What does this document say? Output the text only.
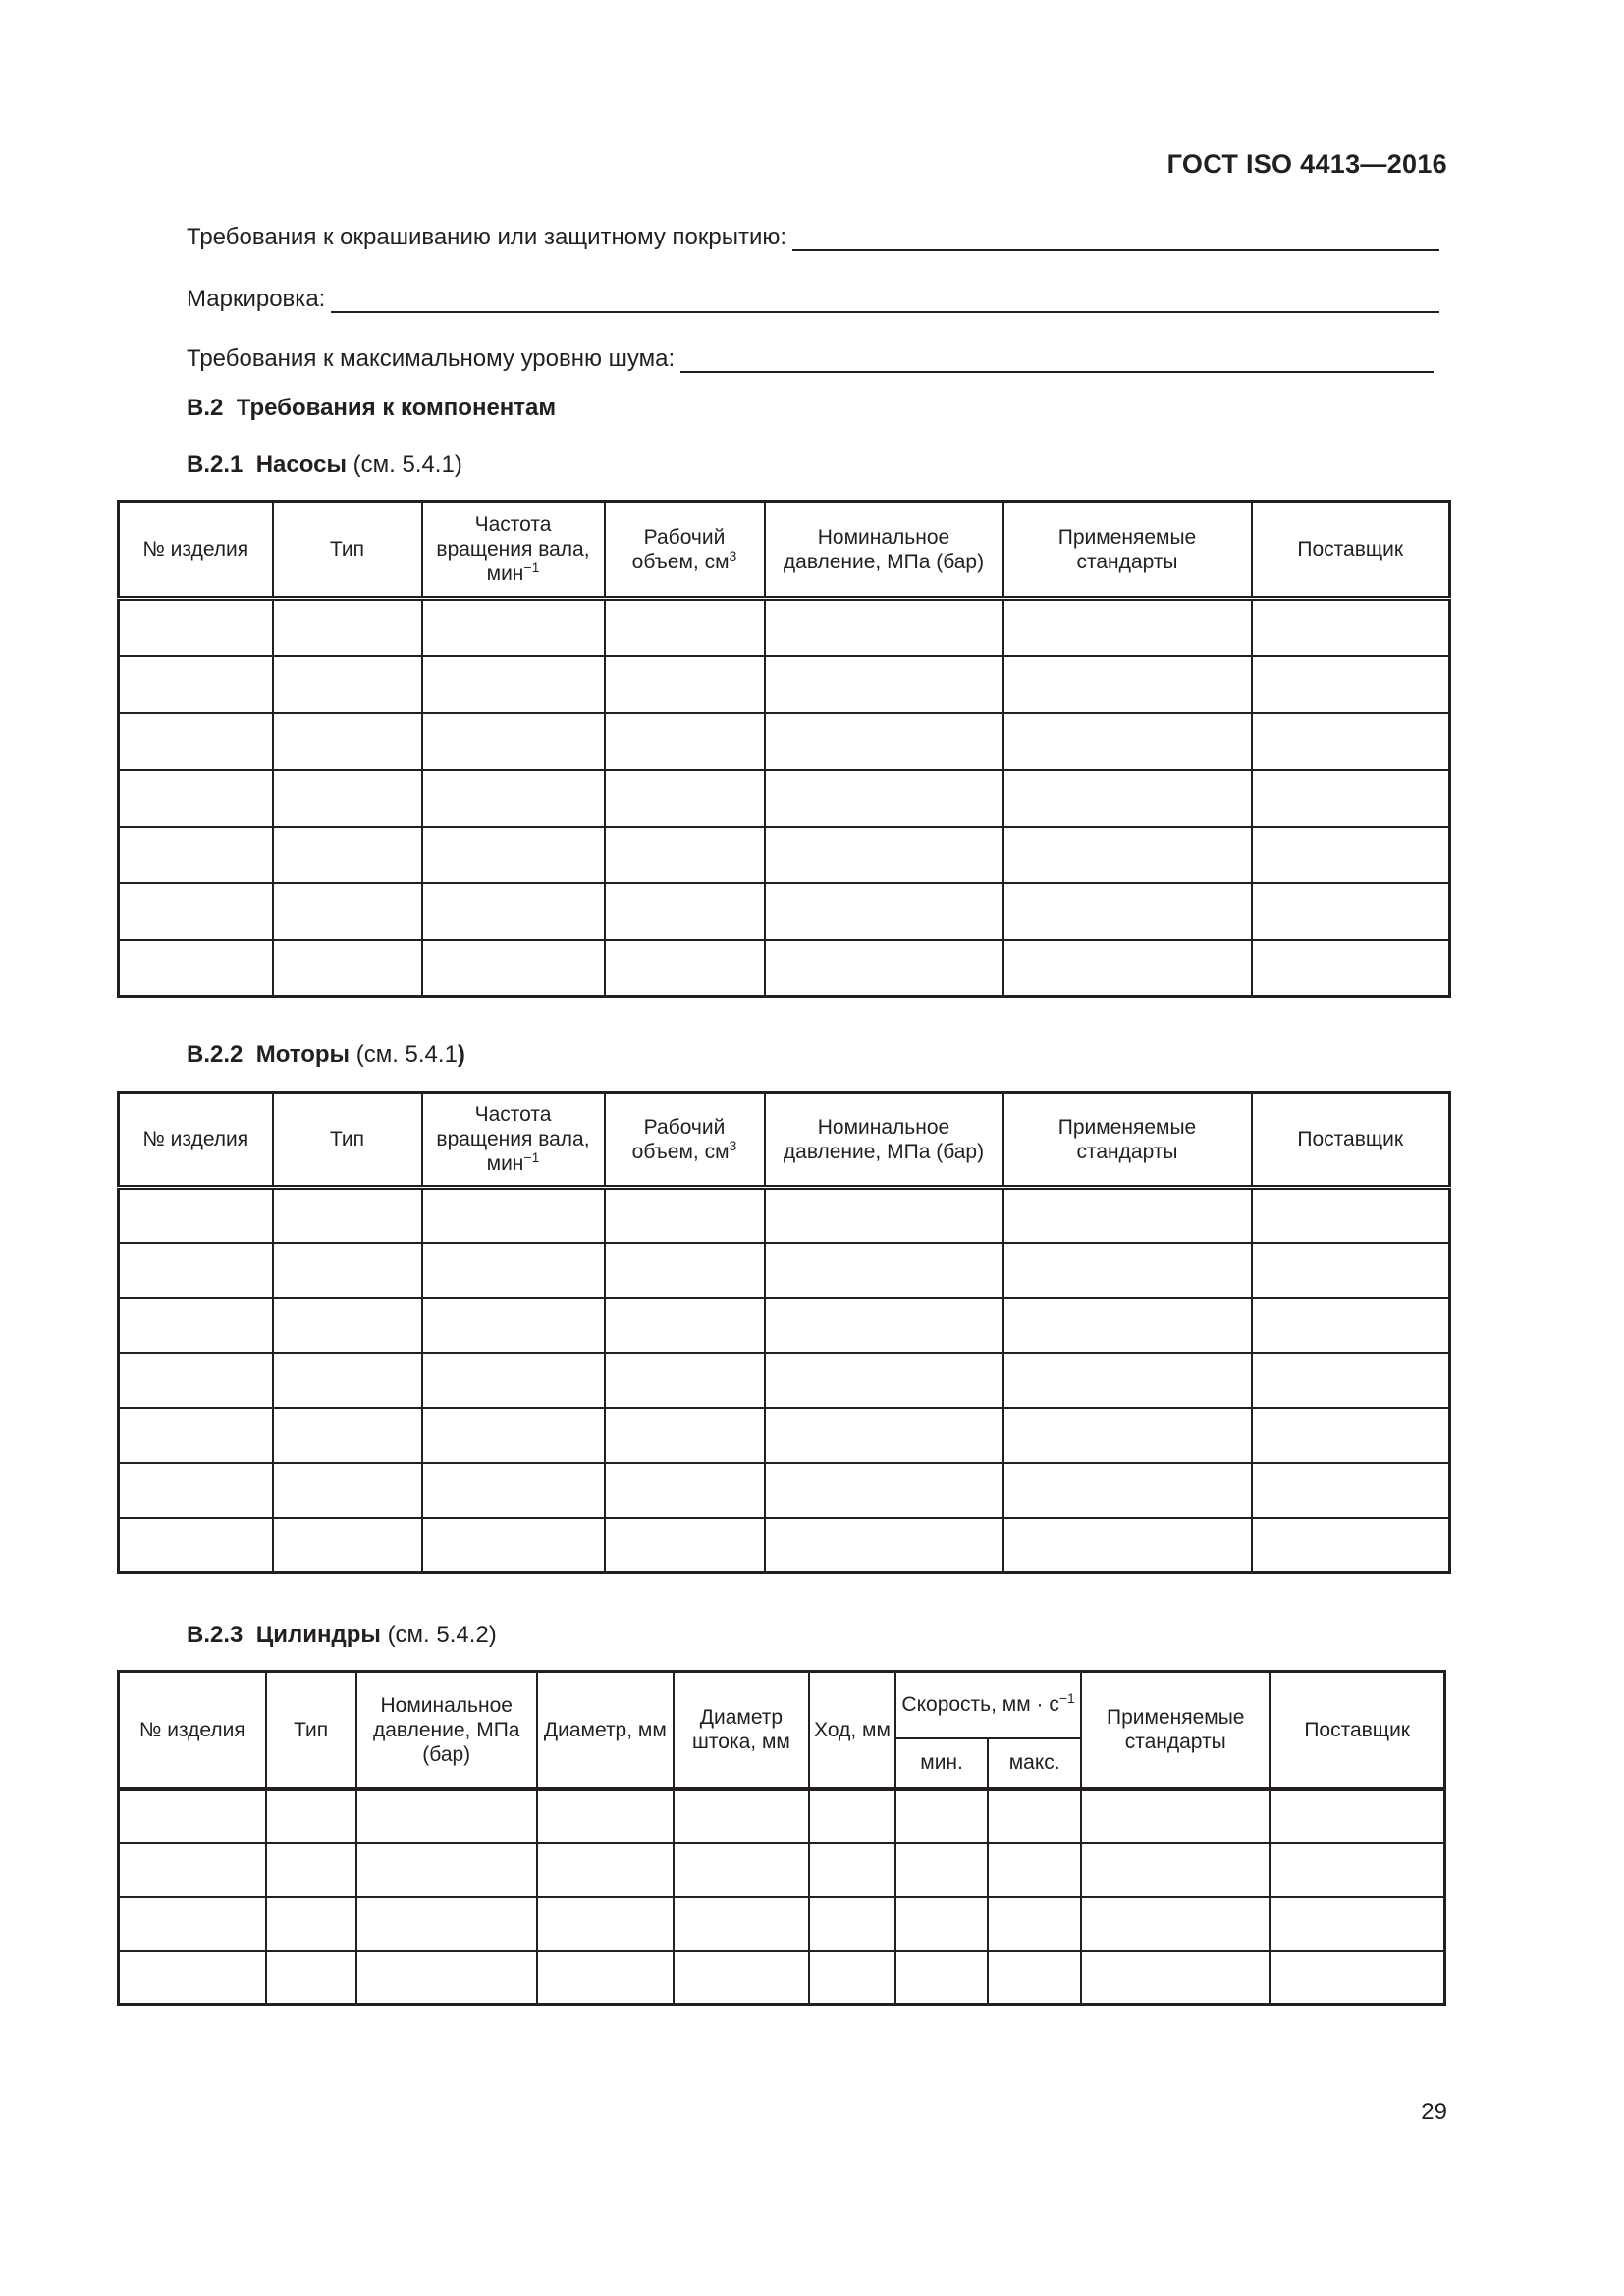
ГОСТ ISO 4413—2016
Требования к окрашиванию или защитному покрытию:
Маркировка:
Требования к максимальному уровню шума:
В.2 Требования к компонентам
В.2.1 Насосы (см. 5.4.1)
№ изделия	Тип	Частота вращения вала, мин$^{-1}$	Рабочий объем, $см^3$	Номинальное давление, МПа (бар)	Применяемые стандарты	Поставщик

В.2.2 Моторы (см. 5.4.1)
№ изделия	Тип	Частота вращения вала, мин$^{-1}$	Рабочий объем, $см^3$	Номинальное давление, МПа (бар)	Применяемые стандарты	Поставщик

В.2.3 Цилиндры (см. 5.4.2)
№ изделия	Тип	Номинальное давление, МПа (бар)	Диаметр, мм	Диаметр штока, мм	Ход, мм	Скорость, мм · $с^{-1}$		Применяемые стандарты	Поставщик
						мин.	макс.		

29
